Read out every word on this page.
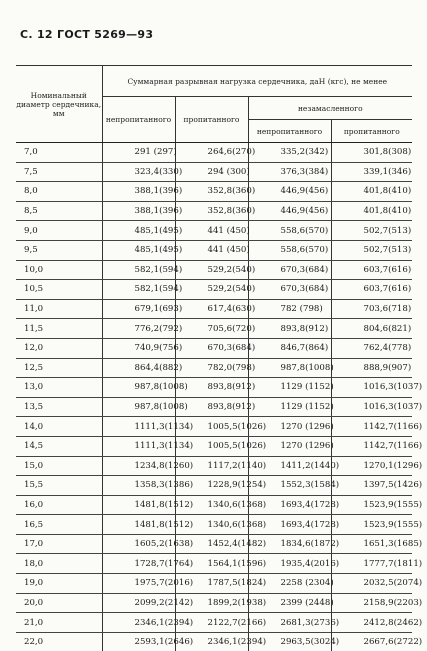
С. 12 ГОСТ 5269—93
Номинальный диаметр сердечника, мм	Суммарная разрывная нагрузка сердечника, даН (кгс), не менее			
	непропитанного	пропитанного	незамасленного	
			непропитанного	пропитанного

7,0	291 (297)	264,6(270)	335,2(342)	301,8(308)
7,5	323,4(330)	294 (300)	376,3(384)	339,1(346)
8,0	388,1(396)	352,8(360)	446,9(456)	401,8(410)
8,5	388,1(396)	352,8(360)	446,9(456)	401,8(410)
9,0	485,1(495)	441 (450)	558,6(570)	502,7(513)
9,5	485,1(495)	441 (450)	558,6(570)	502,7(513)
10,0	582,1(594)	529,2(540)	670,3(684)	603,7(616)
10,5	582,1(594)	529,2(540)	670,3(684)	603,7(616)
11,0	679,1(693)	617,4(630)	782 (798)	703,6(718)
11,5	776,2(792)	705,6(720)	893,8(912)	804,6(821)
12,0	740,9(756)	670,3(684)	846,7(864)	762,4(778)
12,5	864,4(882)	782,0(798)	987,8(1008)	888,9(907)
13,0	987,8(1008)	893,8(912)	1129 (1152)	1016,3(1037)
13,5	987,8(1008)	893,8(912)	1129 (1152)	1016,3(1037)
14,0	1111,3(1134)	1005,5(1026)	1270 (1296)	1142,7(1166)
14,5	1111,3(1134)	1005,5(1026)	1270 (1296)	1142,7(1166)
15,0	1234,8(1260)	1117,2(1140)	1411,2(1440)	1270,1(1296)
15,5	1358,3(1386)	1228,9(1254)	1552,3(1584)	1397,5(1426)
16,0	1481,8(1512)	1340,6(1368)	1693,4(1728)	1523,9(1555)
16,5	1481,8(1512)	1340,6(1368)	1693,4(1728)	1523,9(1555)
17,0	1605,2(1638)	1452,4(1482)	1834,6(1872)	1651,3(1685)
18,0	1728,7(1764)	1564,1(1596)	1935,4(2016)	1777,7(1811)
19,0	1975,7(2016)	1787,5(1824)	2258 (2304)	2032,5(2074)
20,0	2099,2(2142)	1899,2(1938)	2399 (2448)	2158,9(2203)
21,0	2346,1(2394)	2122,7(2166)	2681,3(2736)	2412,8(2462)
22,0	2593,1(2646)	2346,1(2394)	2963,5(3024)	2667,6(2722)
